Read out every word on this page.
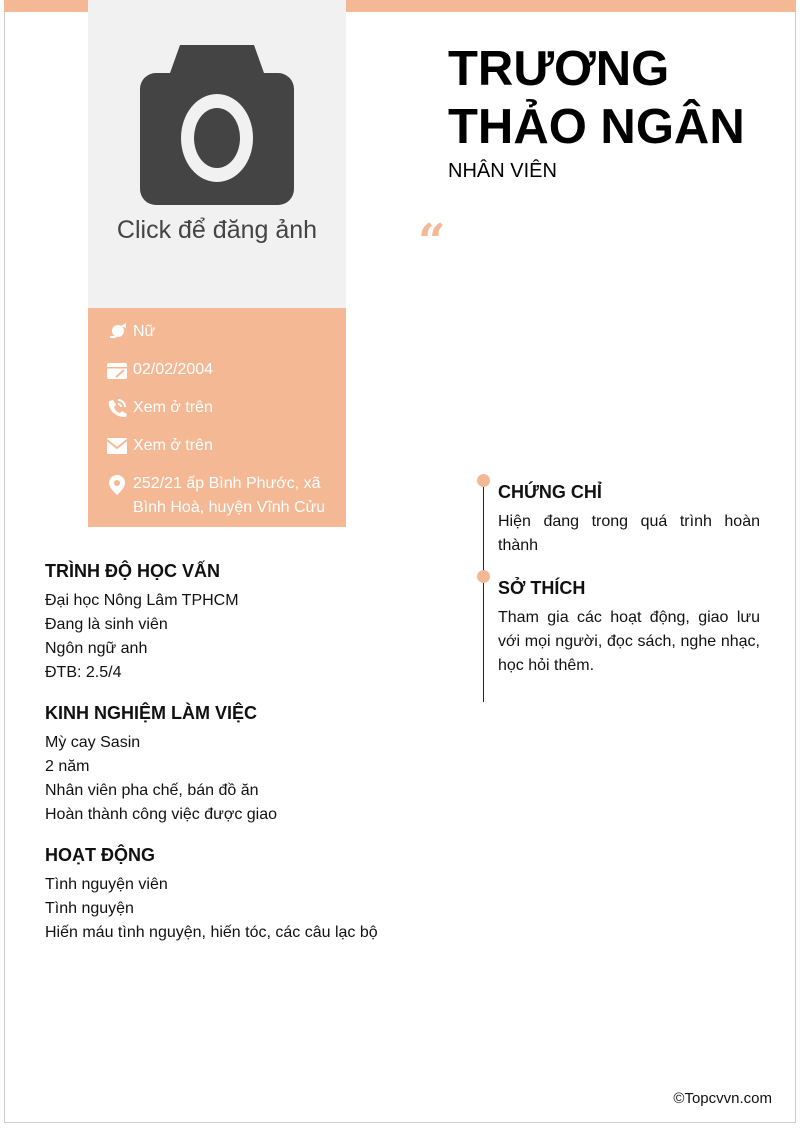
Click để đăng ảnh
Nữ
02/02/2004
Xem ở trên
Xem ở trên
252/21 ấp Bình Phước, xã Bình Hoà, huyện Vĩnh Cửu
TRƯƠNG
THẢO NGÂN
NHÂN VIÊN
“
TRÌNH ĐỘ HỌC VẤN
Đại học Nông Lâm TPHCM
Đang là sinh viên
Ngôn ngữ anh
ĐTB: 2.5/4
KINH NGHIỆM LÀM VIỆC
Mỳ cay Sasin
2 năm
Nhân viên pha chế, bán đồ ăn
Hoàn thành công việc được giao
HOẠT ĐỘNG
Tình nguyện viên
Tình nguyện
Hiến máu tình nguyện, hiến tóc, các câu lạc bộ
CHỨNG CHỈ
Hiện đang trong quá trình hoàn thành
SỞ THÍCH
Tham gia các hoạt động, giao lưu với mọi người, đọc sách, nghe nhạc, học hỏi thêm.
©Topcvvn.com
